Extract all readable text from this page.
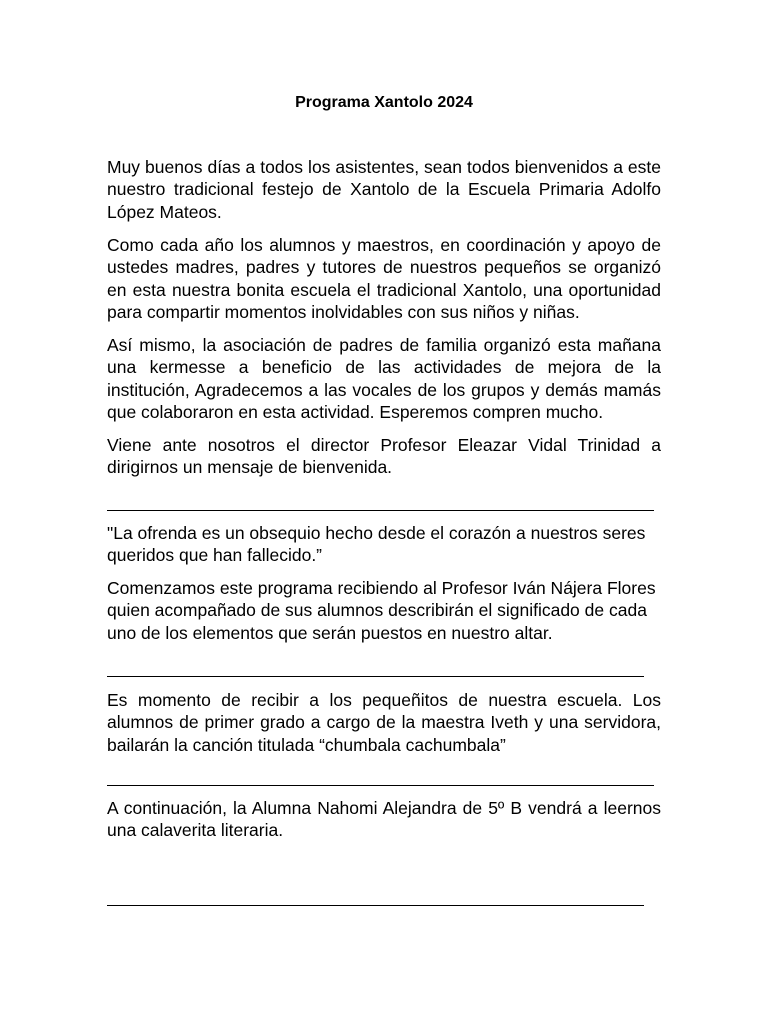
Programa Xantolo 2024

Muy buenos días a todos los asistentes, sean todos bienvenidos a este nuestro tradicional festejo de Xantolo de la Escuela Primaria Adolfo López Mateos.

Como cada año los alumnos y maestros, en coordinación y apoyo de ustedes madres, padres y tutores de nuestros pequeños se organizó en esta nuestra bonita escuela el tradicional Xantolo, una oportunidad para compartir momentos inolvidables con sus niños y niñas.

Así mismo, la asociación de padres de familia organizó esta mañana una kermesse a beneficio de las actividades de mejora de la institución, Agradecemos a las vocales de los grupos y demás mamás que colaboraron en esta actividad. Esperemos compren mucho.

Viene ante nosotros el director Profesor Eleazar Vidal Trinidad a dirigirnos un mensaje de bienvenida.

"La ofrenda es un obsequio hecho desde el corazón a nuestros seres queridos que han fallecido.”

Comenzamos este programa recibiendo al Profesor Iván Nájera Flores quien acompañado de sus alumnos describirán el significado de cada uno de los elementos que serán puestos en nuestro altar.

Es momento de recibir a los pequeñitos de nuestra escuela. Los alumnos de primer grado a cargo de la maestra Iveth y una servidora, bailarán la canción titulada “chumbala cachumbala”

A continuación, la Alumna Nahomi Alejandra de 5º B vendrá a leernos una calaverita literaria.
